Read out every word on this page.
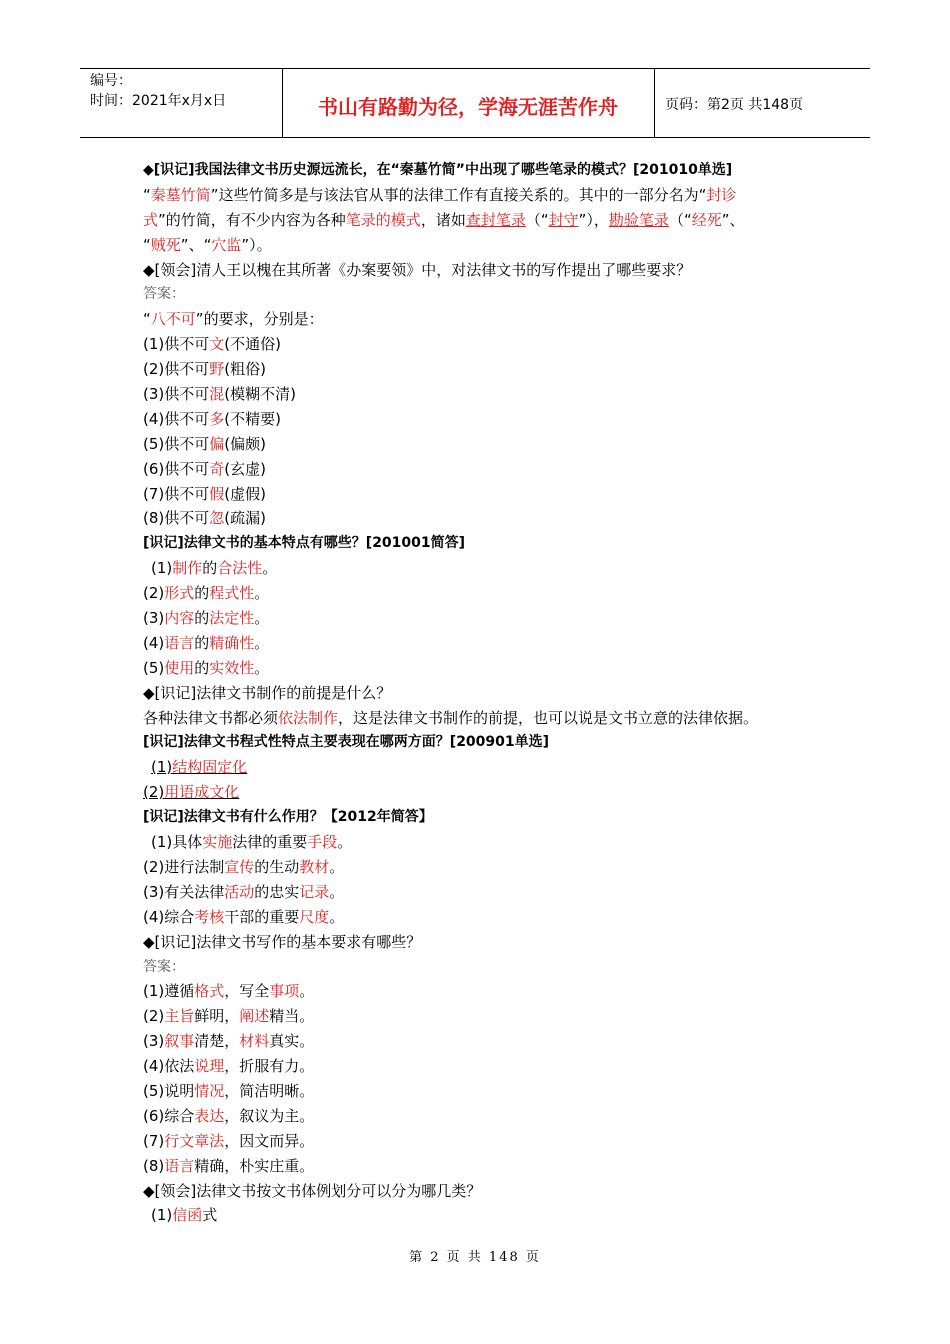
编号：
时间：2021年x月x日	书山有路勤为径，学海无涯苦作舟	页码：第2页 共148页
◆[识记]我国法律文书历史源远流长，在“秦墓竹简”中出现了哪些笔录的模式？[201010单选]
“秦墓竹简”这些竹简多是与该法官从事的法律工作有直接关系的。其中的一部分名为“封诊
式”的竹简，有不少内容为各种笔录的模式，诸如查封笔录（“封守”），勘验笔录（“经死”、
“贼死”、“穴监”）。
◆[领会]清人王以槐在其所著《办案要领》中，对法律文书的写作提出了哪些要求？
答案：
“八不可”的要求，分别是：
(1)供不可文(不通俗)
(2)供不可野(粗俗)
(3)供不可混(模糊不清)
(4)供不可多(不精要)
(5)供不可偏(偏颇)
(6)供不可奇(玄虚)
(7)供不可假(虚假)
(8)供不可忽(疏漏)
[识记]法律文书的基本特点有哪些？[201001简答]
(1)制作的合法性。
(2)形式的程式性。
(3)内容的法定性。
(4)语言的精确性。
(5)使用的实效性。
◆[识记]法律文书制作的前提是什么？
各种法律文书都必须依法制作，这是法律文书制作的前提，也可以说是文书立意的法律依据。
[识记]法律文书程式性特点主要表现在哪两方面？[200901单选]
(1)结构固定化
(2)用语成文化
[识记]法律文书有什么作用？【2012年简答】
(1)具体实施法律的重要手段。
(2)进行法制宣传的生动教材。
(3)有关法律活动的忠实记录。
(4)综合考核干部的重要尺度。
◆[识记]法律文书写作的基本要求有哪些？
答案：
(1)遵循格式，写全事项。
(2)主旨鲜明，阐述精当。
(3)叙事清楚，材料真实。
(4)依法说理，折服有力。
(5)说明情况，简洁明晰。
(6)综合表达，叙议为主。
(7)行文章法，因文而异。
(8)语言精确，朴实庄重。
◆[领会]法律文书按文书体例划分可以分为哪几类？
(1)信函式
第 2 页 共 148 页
